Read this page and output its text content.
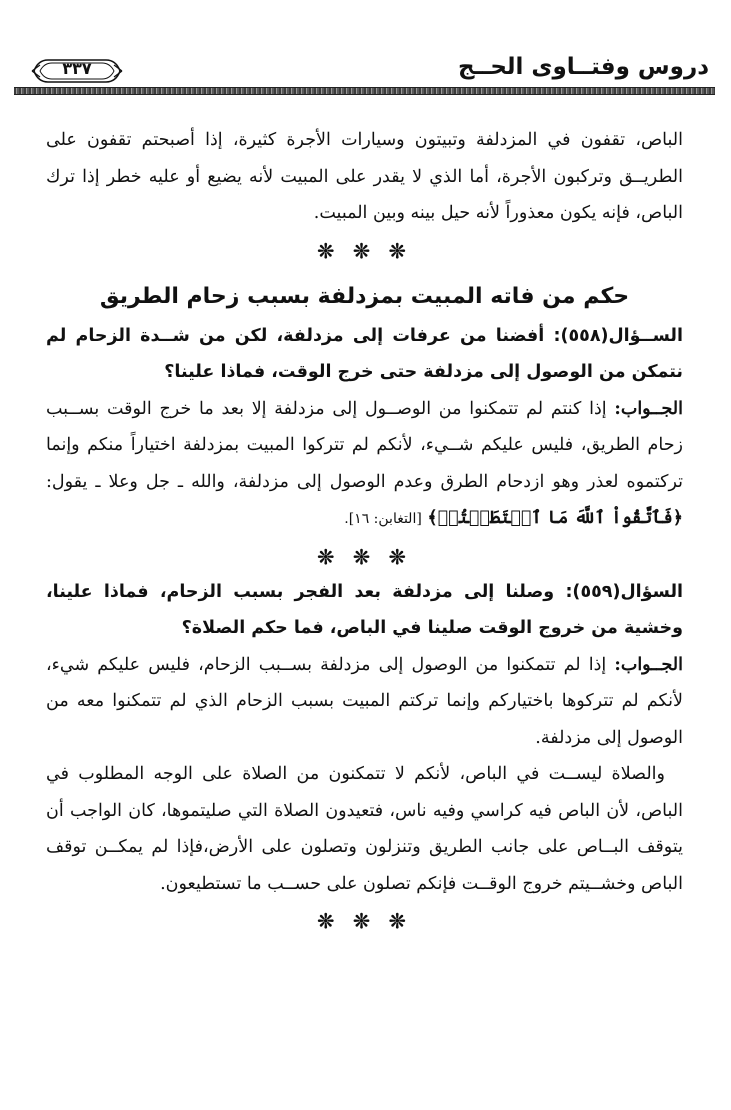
دروس وفتــاوى الحــج
٣٣٧

الباص، تقفون في المزدلفة وتبيتون وسيارات الأجرة كثيرة، إذا أصبحتم تقفون على الطريــق وتركبون الأجرة، أما الذي لا يقدر على المبيت لأنه يضيع أو عليه خطر إذا ترك الباص، فإنه يكون معذوراً لأنه حيل بينه وبين المبيت.

❊ ❊ ❊
حكم من فاته المبيت بمزدلفة بسبب زحام الطريق

الســؤال(٥٥٨): أفضنا من عرفات إلى مزدلفة، لكن من شــدة الزحام لم نتمكن من الوصول إلى مزدلفة حتى خرج الوقت، فماذا علينا؟

الجــواب: إذا كنتم لم تتمكنوا من الوصــول إلى مزدلفة إلا بعد ما خرج الوقت بســبب زحام الطريق، فليس عليكم شــيء، لأنكم لم تتركوا المبيت بمزدلفة اختياراً منكم وإنما تركتموه لعذر وهو ازدحام الطرق وعدم الوصول إلى مزدلفة، والله ـ جل وعلا ـ يقول: ﴿فَٱتَّقُواْ ٱللَّهَ مَا ٱسۡتَطَعۡتُمۡ﴾ [التغابن: ١٦].

❊ ❊ ❊

السؤال(٥٥٩): وصلنا إلى مزدلفة بعد الفجر بسبب الزحام، فماذا علينا، وخشية من خروج الوقت صلينا في الباص، فما حكم الصلاة؟

الجــواب: إذا لم تتمكنوا من الوصول إلى مزدلفة بســبب الزحام، فليس عليكم شيء، لأنكم لم تتركوها باختياركم وإنما تركتم المبيت بسبب الزحام الذي لم تتمكنوا معه من الوصول إلى مزدلفة.

والصلاة ليســت في الباص، لأنكم لا تتمكنون من الصلاة على الوجه المطلوب في الباص، لأن الباص فيه كراسي وفيه ناس، فتعيدون الصلاة التي صليتموها، كان الواجب أن يتوقف البــاص على جانب الطريق وتنزلون وتصلون على الأرض،فإذا لم يمكــن توقف الباص وخشــيتم خروج الوقــت فإنكم تصلون على حســب ما تستطيعون.

❊ ❊ ❊
